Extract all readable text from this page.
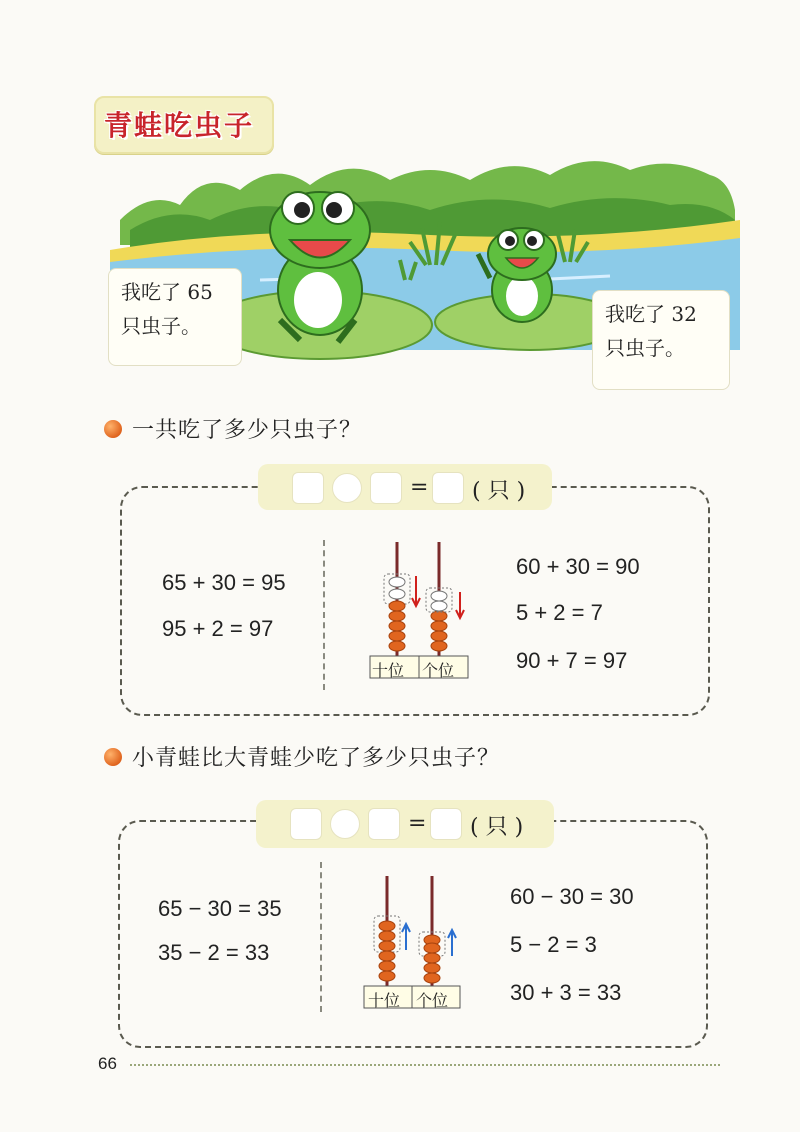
青蛙吃虫子
我吃了 65
只虫子。	我吃了 32
只虫子。
一共吃了多少只虫子？
= ( 只 )
65 + 30 = 95
95 + 2 = 97
十位 个位
60 + 30 = 90
5 + 2 = 7
90 + 7 = 97
小青蛙比大青蛙少吃了多少只虫子？
= ( 只 )
65 − 30 = 35
35 − 2 = 33
十位 个位
60 − 30 = 30
5 − 2 = 3
30 + 3 = 33
66
